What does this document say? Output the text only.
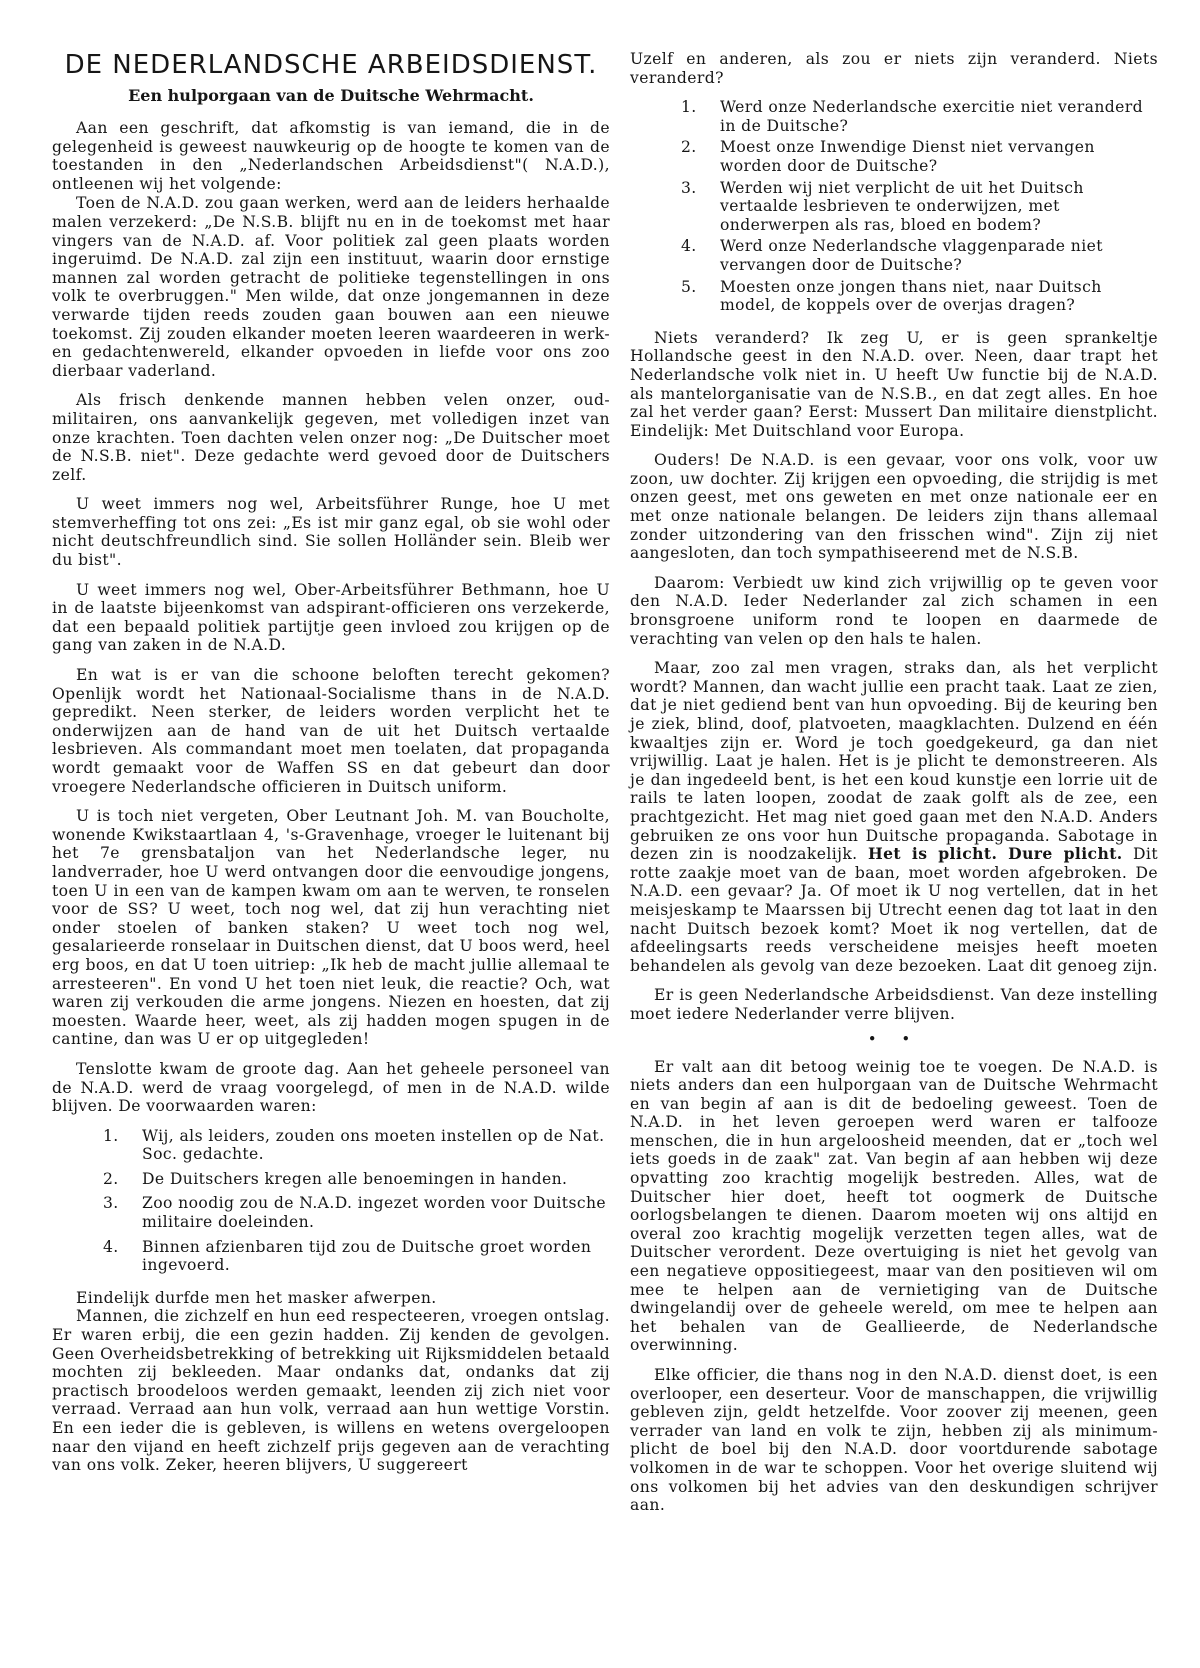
DE NEDERLANDSCHE ARBEIDSDIENST.
Een hulporgaan van de Duitsche Wehrmacht.

Aan een geschrift, dat afkomstig is van iemand, die in de gelegenheid is geweest nauwkeurig op de hoogte te komen van de toestanden in den „Nederlandschen Arbeidsdienst"( N.A.D.), ontleenen wij het volgende:

Toen de N.A.D. zou gaan werken, werd aan de leiders herhaalde malen verzekerd: „De N.S.B. blijft nu en in de toekomst met haar vingers van de N.A.D. af. Voor politiek zal geen plaats worden ingeruimd. De N.A.D. zal zijn een instituut, waarin door ernstige mannen zal worden getracht de politieke tegenstellingen in ons volk te overbruggen." Men wilde, dat onze jongemannen in deze verwarde tijden reeds zouden gaan bouwen aan een nieuwe toekomst. Zij zouden elkander moeten leeren waardeeren in werk- en gedachtenwereld, elkander opvoeden in liefde voor ons zoo dierbaar vaderland.

Als frisch denkende mannen hebben velen onzer, oud-militairen, ons aanvankelijk gegeven, met volledigen inzet van onze krachten. Toen dachten velen onzer nog: „De Duitscher moet de N.S.B. niet". Deze gedachte werd gevoed door de Duitschers zelf.

U weet immers nog wel, Arbeitsführer Runge, hoe U met stemverheffing tot ons zei: „Es ist mir ganz egal, ob sie wohl oder nicht deutschfreundlich sind. Sie sollen Holländer sein. Bleib wer du bist".

U weet immers nog wel, Ober-Arbeitsführer Bethmann, hoe U in de laatste bijeenkomst van adspirant-officieren ons verzekerde, dat een bepaald politiek partijtje geen invloed zou krijgen op de gang van zaken in de N.A.D.

En wat is er van die schoone beloften terecht gekomen? Openlijk wordt het Nationaal-Socialisme thans in de N.A.D. gepredikt. Neen sterker, de leiders worden verplicht het te onderwijzen aan de hand van de uit het Duitsch vertaalde lesbrieven. Als commandant moet men toelaten, dat propaganda wordt gemaakt voor de Waffen SS en dat gebeurt dan door vroegere Nederlandsche officieren in Duitsch uniform.

U is toch niet vergeten, Ober Leutnant Joh. M. van Boucholte, wonende Kwikstaartlaan 4, 's-Gravenhage, vroeger le luitenant bij het 7e grensbataljon van het Nederlandsche leger, nu landverrader, hoe U werd ontvangen door die eenvoudige jongens, toen U in een van de kampen kwam om aan te werven, te ronselen voor de SS? U weet, toch nog wel, dat zij hun verachting niet onder stoelen of banken staken? U weet toch nog wel, gesalarieerde ronselaar in Duitschen dienst, dat U boos werd, heel erg boos, en dat U toen uitriep: „Ik heb de macht jullie allemaal te arresteeren". En vond U het toen niet leuk, die reactie? Och, wat waren zij verkouden die arme jongens. Niezen en hoesten, dat zij moesten. Waarde heer, weet, als zij hadden mogen spugen in de cantine, dan was U er op uitgegleden!

Tenslotte kwam de groote dag. Aan het geheele personeel van de N.A.D. werd de vraag voorgelegd, of men in de N.A.D. wilde blijven. De voorwaarden waren:

1. Wij, als leiders, zouden ons moeten instellen op de Nat. Soc. gedachte.
2. De Duitschers kregen alle benoemingen in handen.
3. Zoo noodig zou de N.A.D. ingezet worden voor Duitsche militaire doeleinden.
4. Binnen afzienbaren tijd zou de Duitsche groet worden ingevoerd.

Eindelijk durfde men het masker afwerpen.

Mannen, die zichzelf en hun eed respecteeren, vroegen ontslag. Er waren erbij, die een gezin hadden. Zij kenden de gevolgen. Geen Overheidsbetrekking of betrekking uit Rijksmiddelen betaald mochten zij bekleeden. Maar ondanks dat, ondanks dat zij practisch broodeloos werden gemaakt, leenden zij zich niet voor verraad. Verraad aan hun volk, verraad aan hun wettige Vorstin. En een ieder die is gebleven, is willens en wetens overgeloopen naar den vijand en heeft zichzelf prijs gegeven aan de verachting van ons volk. Zeker, heeren blijvers, U suggereert

Uzelf en anderen, als zou er niets zijn veranderd. Niets veranderd?

1. Werd onze Nederlandsche exercitie niet veranderd in de Duitsche?
2. Moest onze Inwendige Dienst niet vervangen worden door de Duitsche?
3. Werden wij niet verplicht de uit het Duitsch vertaalde lesbrieven te onderwijzen, met onderwerpen als ras, bloed en bodem?
4. Werd onze Nederlandsche vlaggenparade niet vervangen door de Duitsche?
5. Moesten onze jongen thans niet, naar Duitsch model, de koppels over de overjas dragen?

Niets veranderd? Ik zeg U, er is geen sprankeltje Hollandsche geest in den N.A.D. over. Neen, daar trapt het Nederlandsche volk niet in. U heeft Uw functie bij de N.A.D. als mantelorganisatie van de N.S.B., en dat zegt alles. En hoe zal het verder gaan? Eerst: Mussert Dan militaire dienstplicht. Eindelijk: Met Duitschland voor Europa.

Ouders! De N.A.D. is een gevaar, voor ons volk, voor uw zoon, uw dochter. Zij krijgen een opvoeding, die strijdig is met onzen geest, met ons geweten en met onze nationale eer en met onze nationale belangen. De leiders zijn thans allemaal zonder uitzondering van den frisschen wind". Zijn zij niet aangesloten, dan toch sympathiseerend met de N.S.B.

Daarom: Verbiedt uw kind zich vrijwillig op te geven voor den N.A.D. Ieder Nederlander zal zich schamen in een bronsgroene uniform rond te loopen en daarmede de verachting van velen op den hals te halen.

Maar, zoo zal men vragen, straks dan, als het verplicht wordt? Mannen, dan wacht jullie een pracht taak. Laat ze zien, dat je niet gediend bent van hun opvoeding. Bij de keuring ben je ziek, blind, doof, platvoeten, maagklachten. Dulzend en één kwaaltjes zijn er. Word je toch goedgekeurd, ga dan niet vrijwillig. Laat je halen. Het is je plicht te demonstreeren. Als je dan ingedeeld bent, is het een koud kunstje een lorrie uit de rails te laten loopen, zoodat de zaak golft als de zee, een prachtgezicht. Het mag niet goed gaan met den N.A.D. Anders gebruiken ze ons voor hun Duitsche propaganda. Sabotage in dezen zin is noodzakelijk. Het is plicht. Dure plicht. Dit rotte zaakje moet van de baan, moet worden afgebroken. De N.A.D. een gevaar? Ja. Of moet ik U nog vertellen, dat in het meisjeskamp te Maarssen bij Utrecht eenen dag tot laat in den nacht Duitsch bezoek komt? Moet ik nog vertellen, dat de afdeelingsarts reeds verscheidene meisjes heeft moeten behandelen als gevolg van deze bezoeken. Laat dit genoeg zijn.

Er is geen Nederlandsche Arbeidsdienst. Van deze instelling moet iedere Nederlander verre blijven.

• •

Er valt aan dit betoog weinig toe te voegen. De N.A.D. is niets anders dan een hulporgaan van de Duitsche Wehrmacht en van begin af aan is dit de bedoeling geweest. Toen de N.A.D. in het leven geroepen werd waren er talfooze menschen, die in hun argeloosheid meenden, dat er „toch wel iets goeds in de zaak" zat. Van begin af aan hebben wij deze opvatting zoo krachtig mogelijk bestreden. Alles, wat de Duitscher hier doet, heeft tot oogmerk de Duitsche oorlogsbelangen te dienen. Daarom moeten wij ons altijd en overal zoo krachtig mogelijk verzetten tegen alles, wat de Duitscher verordent. Deze overtuiging is niet het gevolg van een negatieve oppositiegeest, maar van den positieven wil om mee te helpen aan de vernietiging van de Duitsche dwingelandij over de geheele wereld, om mee te helpen aan het behalen van de Geallieerde, de Nederlandsche overwinning.

Elke officier, die thans nog in den N.A.D. dienst doet, is een overlooper, een deserteur. Voor de manschappen, die vrijwillig gebleven zijn, geldt hetzelfde. Voor zoover zij meenen, geen verrader van land en volk te zijn, hebben zij als minimum-plicht de boel bij den N.A.D. door voortdurende sabotage volkomen in de war te schoppen. Voor het overige sluitend wij ons volkomen bij het advies van den deskundigen schrijver aan.
